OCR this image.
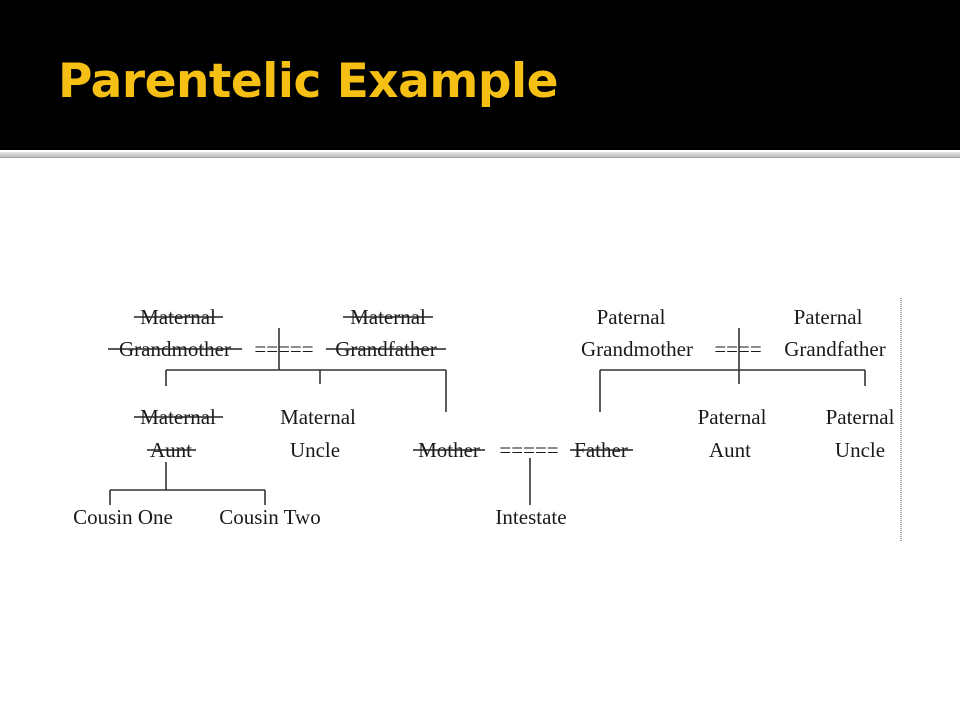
Parentelic Example
Maternal
Grandmother =====
Maternal
Grandfather
Paternal
Grandmother ====
Paternal
Grandfather
Maternal
Aunt
Maternal
Uncle	Mother ===== Father
Paternal
Aunt
Paternal
Uncle
Cousin One Cousin Two	Intestate
